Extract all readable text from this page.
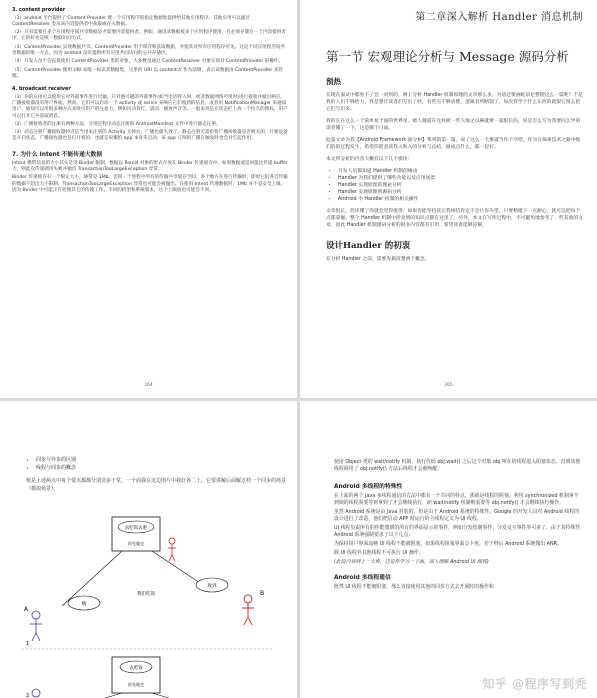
3. content provider

（1）android 平台提供了 Content Provider 使一个应用程序的指定数据集提供给其他应用程序。其他应用可以通过 ContentResolver 类从该内容提供者中获取或存入数据。

（2）只有需要在多个应用程序间共享数据是才需要内容提供者。例如，通讯录数据被多个应用程序使用，且必须存储在一个内容提供者中。它的好处是统一数据访问方式。

（3）ContentProvider 实现数据共享。ContentProvider 用于保存和获取数据，并使其对所有应用程序可见。这是不同应用程序间共享数据的唯一方式，因为 android 没有提供所有应用共同访问的公共存储区。

（4）开发人员不会直接使用 ContentProvider 类的对象，大多数是通过 ContentResolver 对象实现对 ContentProvider 的操作。

（5）ContentProvider 使用 URI 来唯一标识其数据集，这里的 URI 以 content:// 作为前缀，表示该数据由 ContentProvider 来管理。

4. broadcast receiver

（1）你的应用可以使用它对外部事件进行过滤，只对感兴趣的外部事件(如当电话呼入时，或者数据网络可用时)进行接收并做出响应。广播接收器没有用户界面。然而，它们可以启动一个 activity 或 serice 来响应它们收到的信息，或者用 NotificationManager 来通知用户。通知可以用很多种方式来吸引用户的注意力，例如闪动背灯、震动、播放声音等。一般来说是在状态栏上放一个持久的图标，用户可以打开它并获取消息。

（2）广播接收者的注册有两种方法，分别是程序动态注册和 AndroidManifest 文件中进行静态注册。

（3）动态注册广播接收器特点是当用来注册的 Activity 关掉后，广播也就失效了。静态注册无需担忧广播接收器是否被关闭，只要设备是开启状态，广播接收器也是打开着的。也就是说哪怕 app 本身未启动，该 app 订阅的广播在触发时也会对它起作用。

7. 为什么 Intent 不能传递大数据

Intent 携带信息的大小其实是受 Binder 限制。数据以 Parcel 对象的形式存放在 Binder 传递缓存中。如果数据或返回值比传递 buffer 大，则此次传递调用失败并抛出 TransactionTooLargeException 异常。

Binder 传递缓存有一个限定大小，通常是 1Mb。但同一个进程中所有的传输共享缓存空间。多个地方在进行传输时，即时它们各自传输的数据不超出大小限制，TransactionTooLargeException 异常也可能会被抛出。在使用 Intent 传递数据时，1Mb 并不是安全上限。因为 Binder 中可能正在处理其它的传输工作。不同的机型和系统版本，这个上限值也可能会不同。

264
第二章深入解析 Handler 消息机制
第一节 宏观理论分析与 Message 源码分析
预热

在现在面试中都免不了会一问到的，网上分析 Handler 机制原理的文章那么多，为啥还要画蛇添足整理这么一篇呢？不是我的人们不够给力，我是想让读者们写出了经，有些点不够清楚，逻辑有所断裂了，每次我学个什么东西的就很它很么把它们写出来。

我的长在这么一个简单易于面的世界里，被人嗤道在这样被一些人嗤之以鼻就像一篇很长的，说是怎么写为我要问么学的读者懂了一下，这是哪个门面。

此篇文章为我【Android Framework 面分析】系列的第一篇。说了这么一大堆就当作个序吧。作为在探索技术之路中他们的的过程发生，希望你愿意读我入和入的分析与总结，做成点什么，都一起好。

本文所分析的内容大概有以下几个模块：

• 开发人员都知道 Handler 机制的缘由
• Handler 为我们提供了哪些功能以及应用场景
• Handler 实现原理的理论分析
• Handler 实现原理的源码分析
• Android 中 Handler 机制的相关操作

文章很长，但读懂了你就会觉得值得，如果你能坚持读完我相信肯定不会让你失望。只要稍微下一点耐心，就可以把每个点都掌握。整个 Handler 机制中涉及到的知识点都在这里了。另外，本文在写作过程中，不可避免地参考了一些其他的文章，因此 Handler 机制源码分析的很多内容都有引用，希望读者能够谅解。

设计Handler 的初衷

在分析 Handler 之前，需要先搞清楚两个概念。

265
• 同步与异步的区别
• 线程与同步的概念

便是上述两点中每个要点都都分别非多于常，一个面我在这边图片中我好各二上，它要讲解后面解这样一个同步的场景（模拟场景）。

去吃饭去吧
你先做完
A
嗨
收到
我们吃饭	B
1
去吃饭
你先做完
2

使用 Object 类的 wait/notify 机制，执行代码 obj.wait() 之后这个对象 obj 所在的线程进入阻塞状态，直到其他线程调用了 obj.notify() 方法后线程才会被唤醒。

Android 多线程的特殊性

在上面的两个 Java 多线程通信的方法中都有一个共同的特点，那就是线程的阻塞。利用 synchronized 机制拿不到锁的线程需要等到拿到了才会继续执行，而 wait/notify 机制则需要等 obj.notify() 才会继续执行操作。

虽然 Android 系统是由 Java 封装的，但是由于 Android 系统的特殊性，Google 的开发人员对 Android 线程的设计进行了改造，他们把启动 APP 时运行的主线程定义为 UI 线程。

UI 线程负责所有的你能想到的所有的界面显示的事件，例如分发绘制事件，分发交互事件等可多了，由于其特殊性 Android 系统强制要求了以下几点：

为保持用户界面流畅 UI 线程不能被阻塞，如果线程阻塞界面会卡死，若干秒后 Android 系统抛出 ANR。

除 UI 线程外其他线程不可执行 UI 操作。

(此段内容网上一大堆，还是你学习一下面，深入理解 Android UI 线程)

Android 多线程通信

既然 UI 线程不能被阻塞，那么直接使用其他的同步方式去开展时的操作和

知乎 @程序写到秃
